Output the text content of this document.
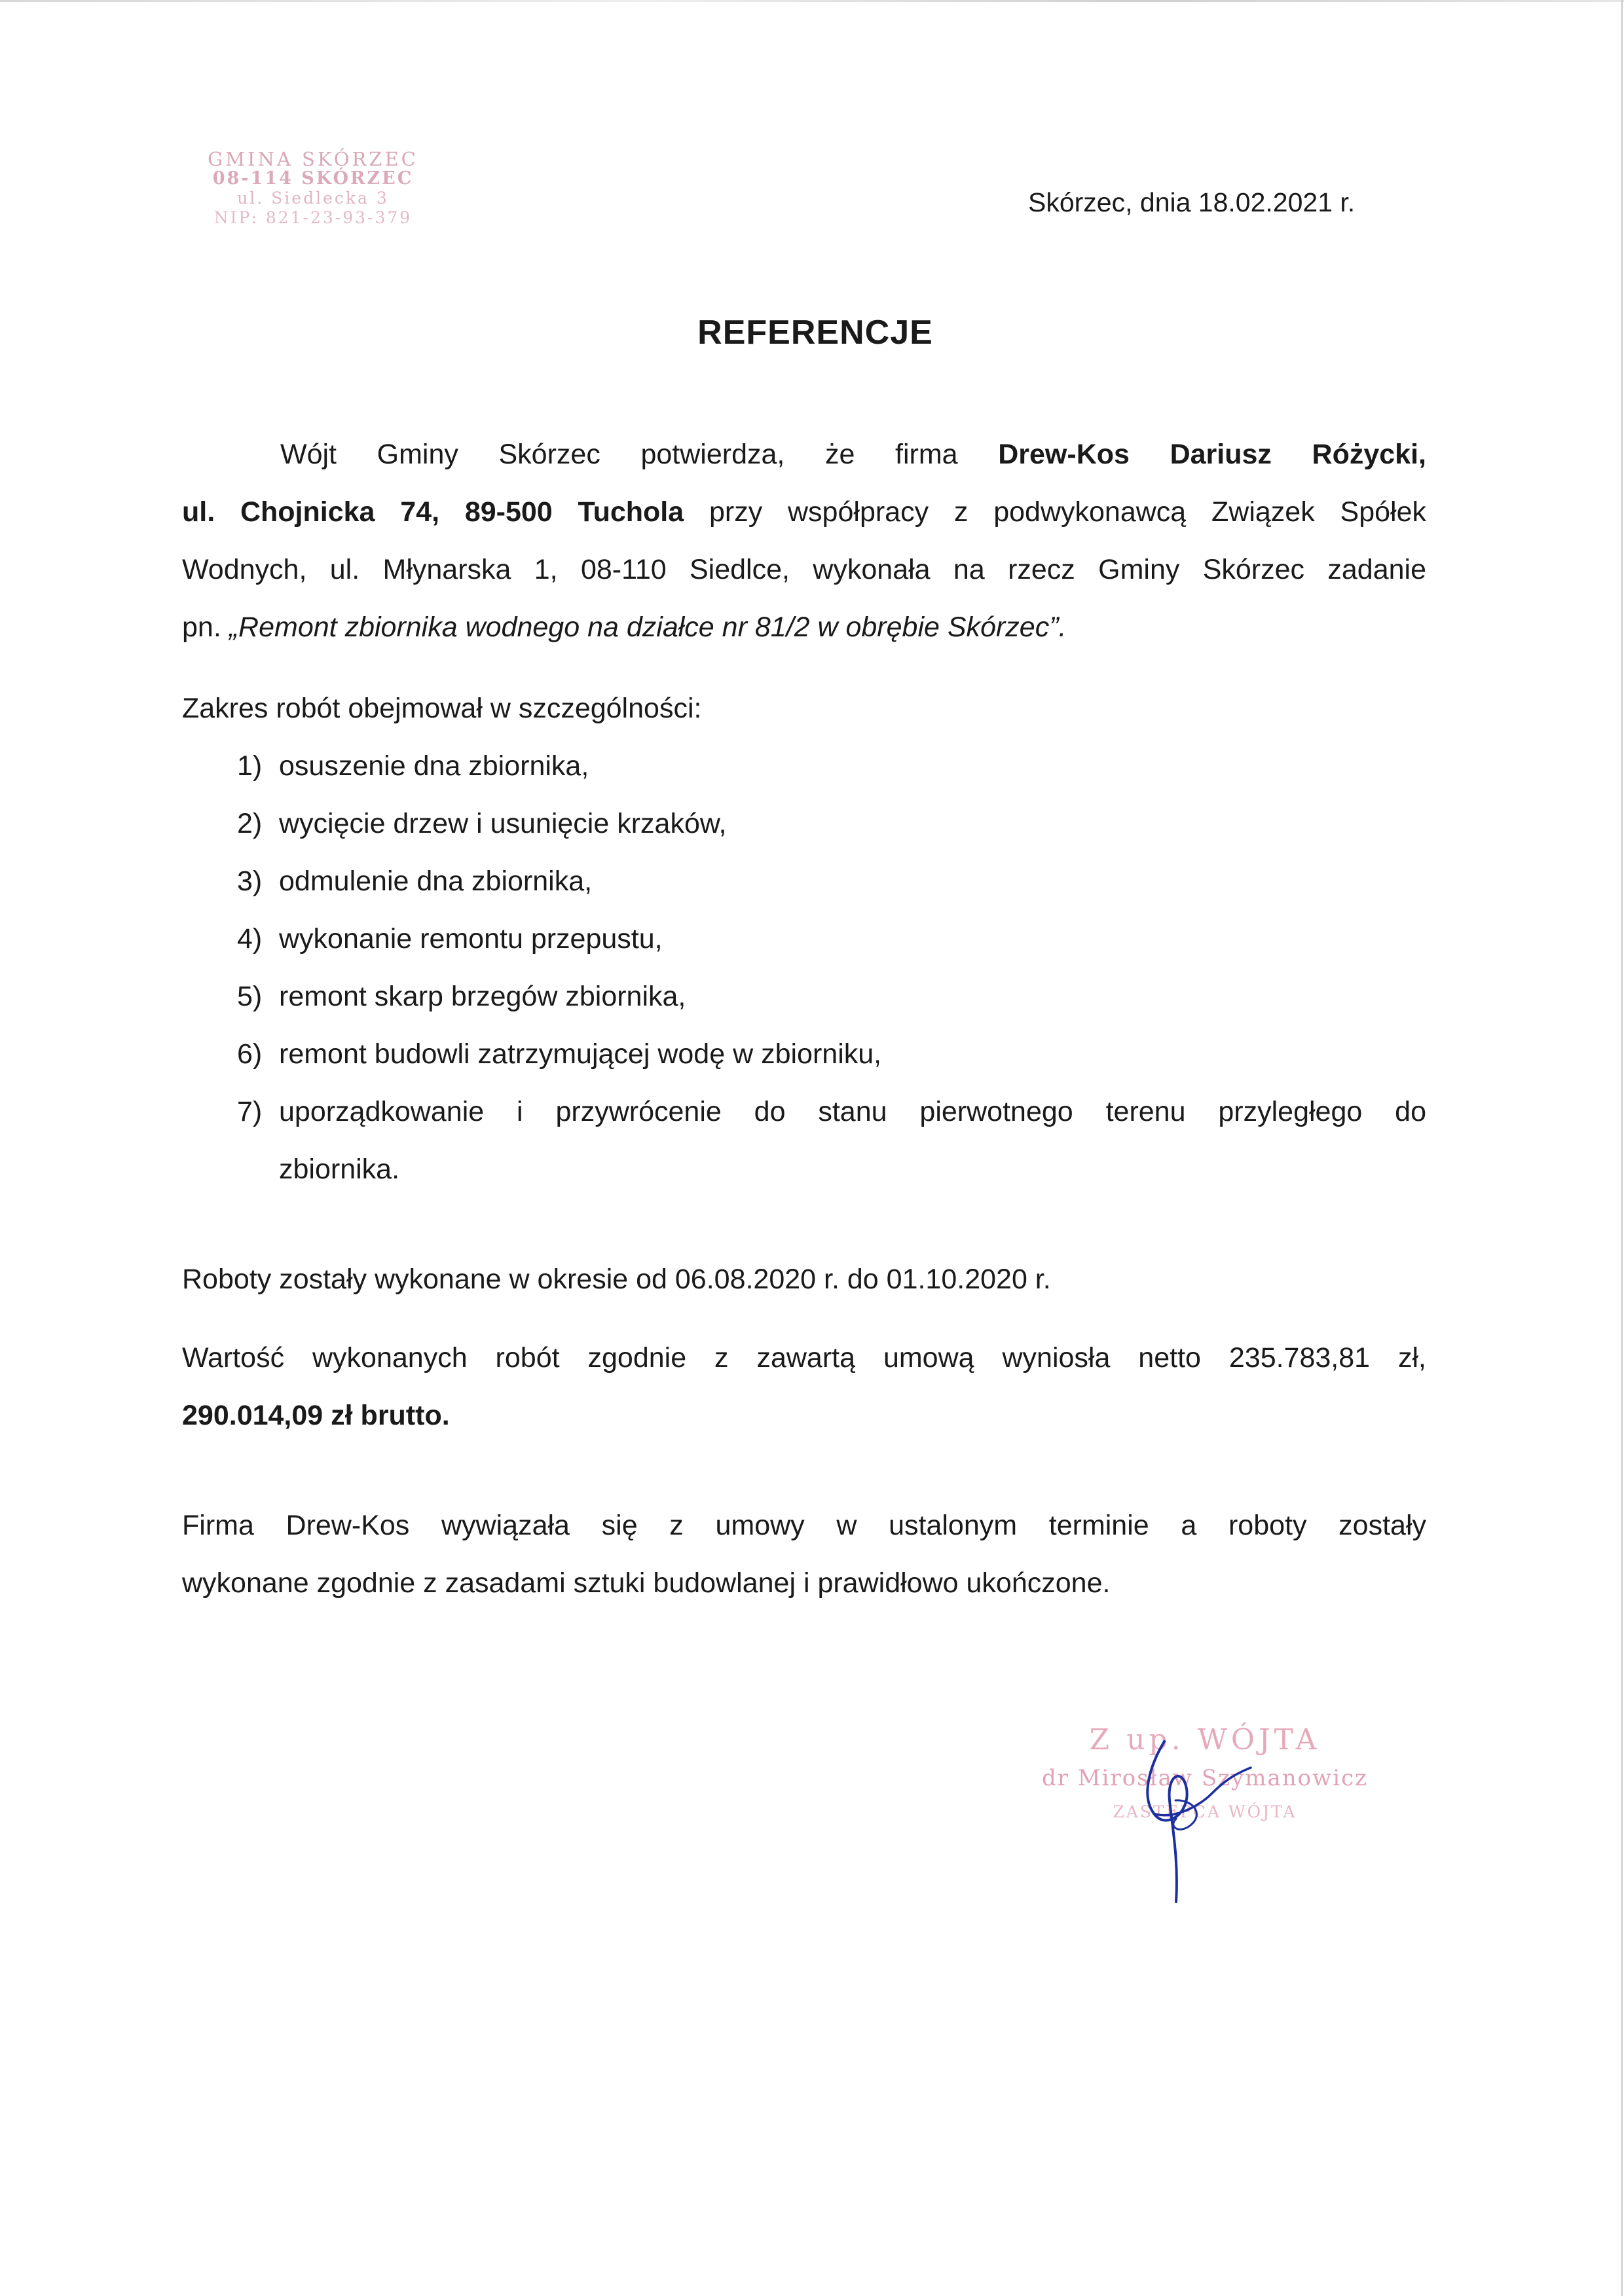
GMINA SKÓRZEC
08-114 SKÓRZEC
ul. Siedlecka 3
NIP: 821-23-93-379
Skórzec, dnia 18.02.2021 r.
REFERENCJE
Wójt Gminy Skórzec potwierdza, że firma Drew-Kos Dariusz Różycki,
ul. Chojnicka 74, 89-500 Tuchola przy współpracy z podwykonawcą Związek Spółek
Wodnych, ul. Młynarska 1, 08-110 Siedlce, wykonała na rzecz Gminy Skórzec zadanie
pn. „Remont zbiornika wodnego na działce nr 81/2 w obrębie Skórzec”.
Zakres robót obejmował w szczególności:
1) osuszenie dna zbiornika,
2) wycięcie drzew i usunięcie krzaków,
3) odmulenie dna zbiornika,
4) wykonanie remontu przepustu,
5) remont skarp brzegów zbiornika,
6) remont budowli zatrzymującej wodę w zbiorniku,
7) uporządkowanie i przywrócenie do stanu pierwotnego terenu przyległego do
zbiornika.
Roboty zostały wykonane w okresie od 06.08.2020 r. do 01.10.2020 r.
Wartość wykonanych robót zgodnie z zawartą umową wyniosła netto 235.783,81 zł,
290.014,09 zł brutto.
Firma Drew-Kos wywiązała się z umowy w ustalonym terminie a roboty zostały
wykonane zgodnie z zasadami sztuki budowlanej i prawidłowo ukończone.
Z up. WÓJTA
dr Mirosław Szymanowicz
ZASTĘPCA WÓJTA
